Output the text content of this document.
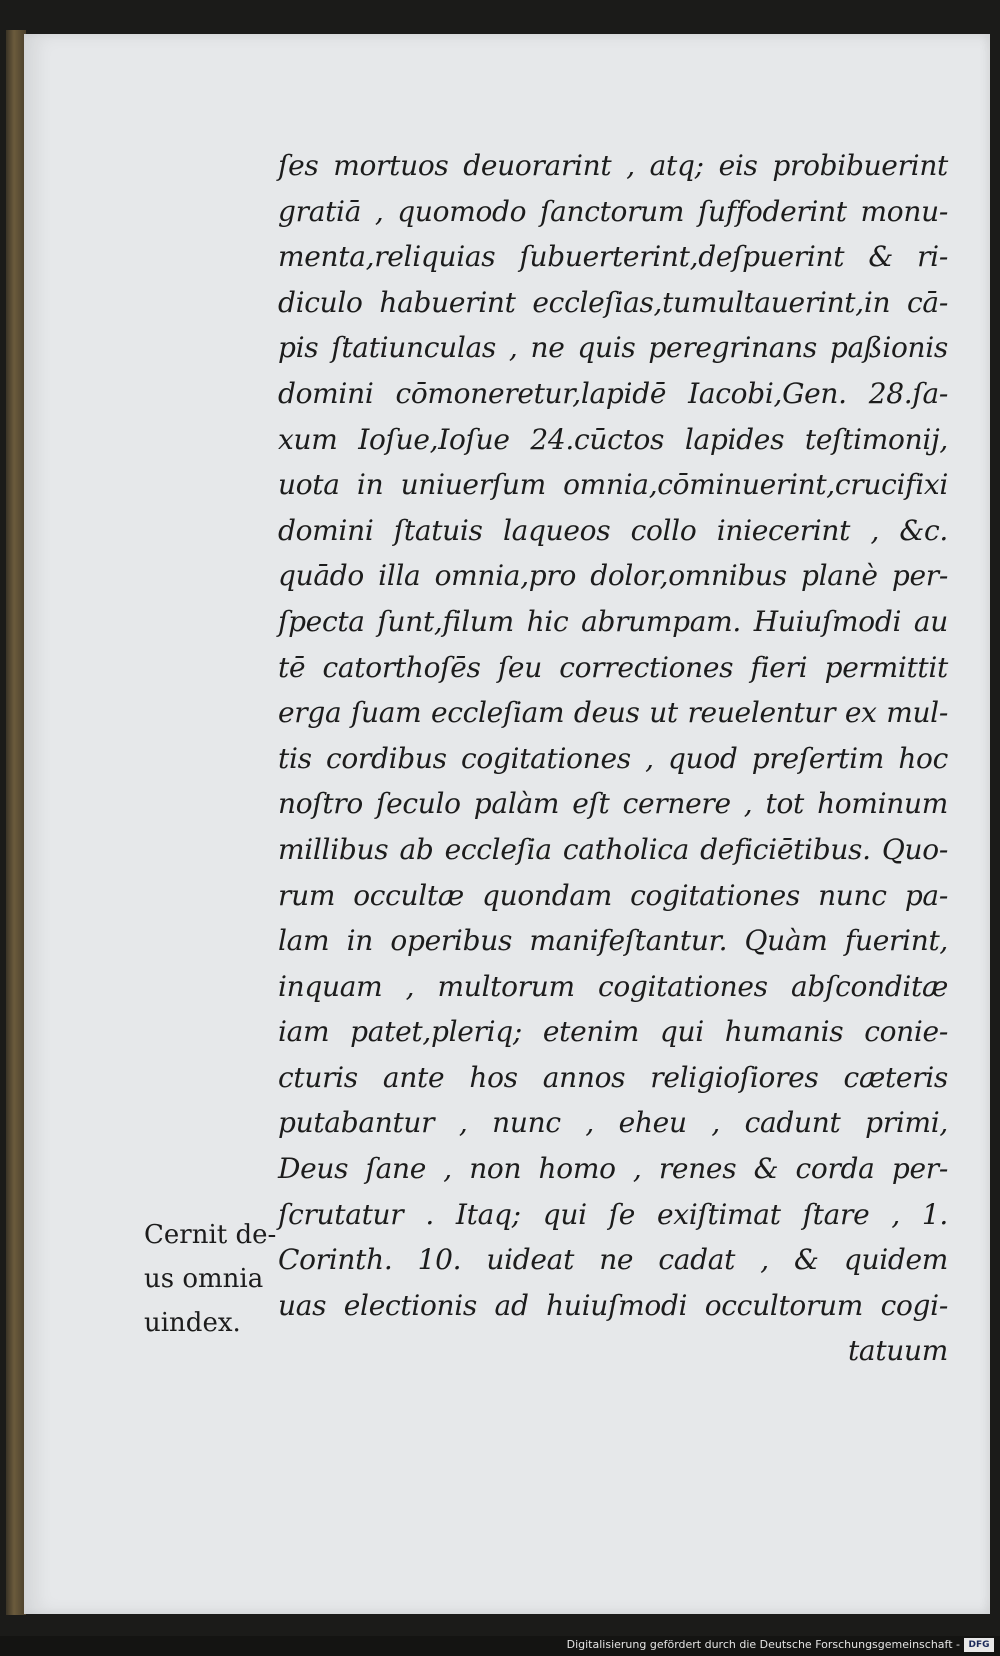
ſes mortuos deuorarint , atq; eis probibuerint
gratiā , quomodo ſanctorum ſuffoderint monu-
menta,reliquias ſubuerterint,deſpuerint & ri-
diculo habuerint eccleſias,tumultauerint,in cā-
pis ſtatiunculas , ne quis peregrinans paßionis
domini cōmoneretur,lapidē Iacobi,Gen. 28.ſa-
xum Ioſue,Ioſue 24.cūctos lapides teſtimonij,
uota in uniuerſum omnia,cōminuerint,crucifixi
domini ſtatuis laqueos collo iniecerint , &c.
quādo illa omnia,pro dolor,omnibus planè per-
ſpecta ſunt,filum hic abrumpam. Huiuſmodi au
tē catorthoſēs ſeu correctiones fieri permittit
erga ſuam eccleſiam deus ut reuelentur ex mul-
tis cordibus cogitationes , quod preſertim hoc
noſtro ſeculo palàm eſt cernere , tot hominum
millibus ab eccleſia catholica deficiētibus. Quo-
rum occultæ quondam cogitationes nunc pa-
lam in operibus manifeſtantur. Quàm fuerint,
inquam , multorum cogitationes abſconditæ
iam patet,pleriq; etenim qui humanis conie-
cturis ante hos annos religioſiores cæteris
putabantur , nunc , eheu , cadunt primi,
Deus ſane , non homo , renes & corda per-
ſcrutatur . Itaq; qui ſe exiſtimat ſtare , 1.
Corinth. 10. uideat ne cadat , & quidem
uas electionis ad huiuſmodi occultorum cogi-
tatuum
Cernit de-
us omnia
uindex.
Digitalisierung gefördert durch die Deutsche Forschungsgemeinschaft - DFG
